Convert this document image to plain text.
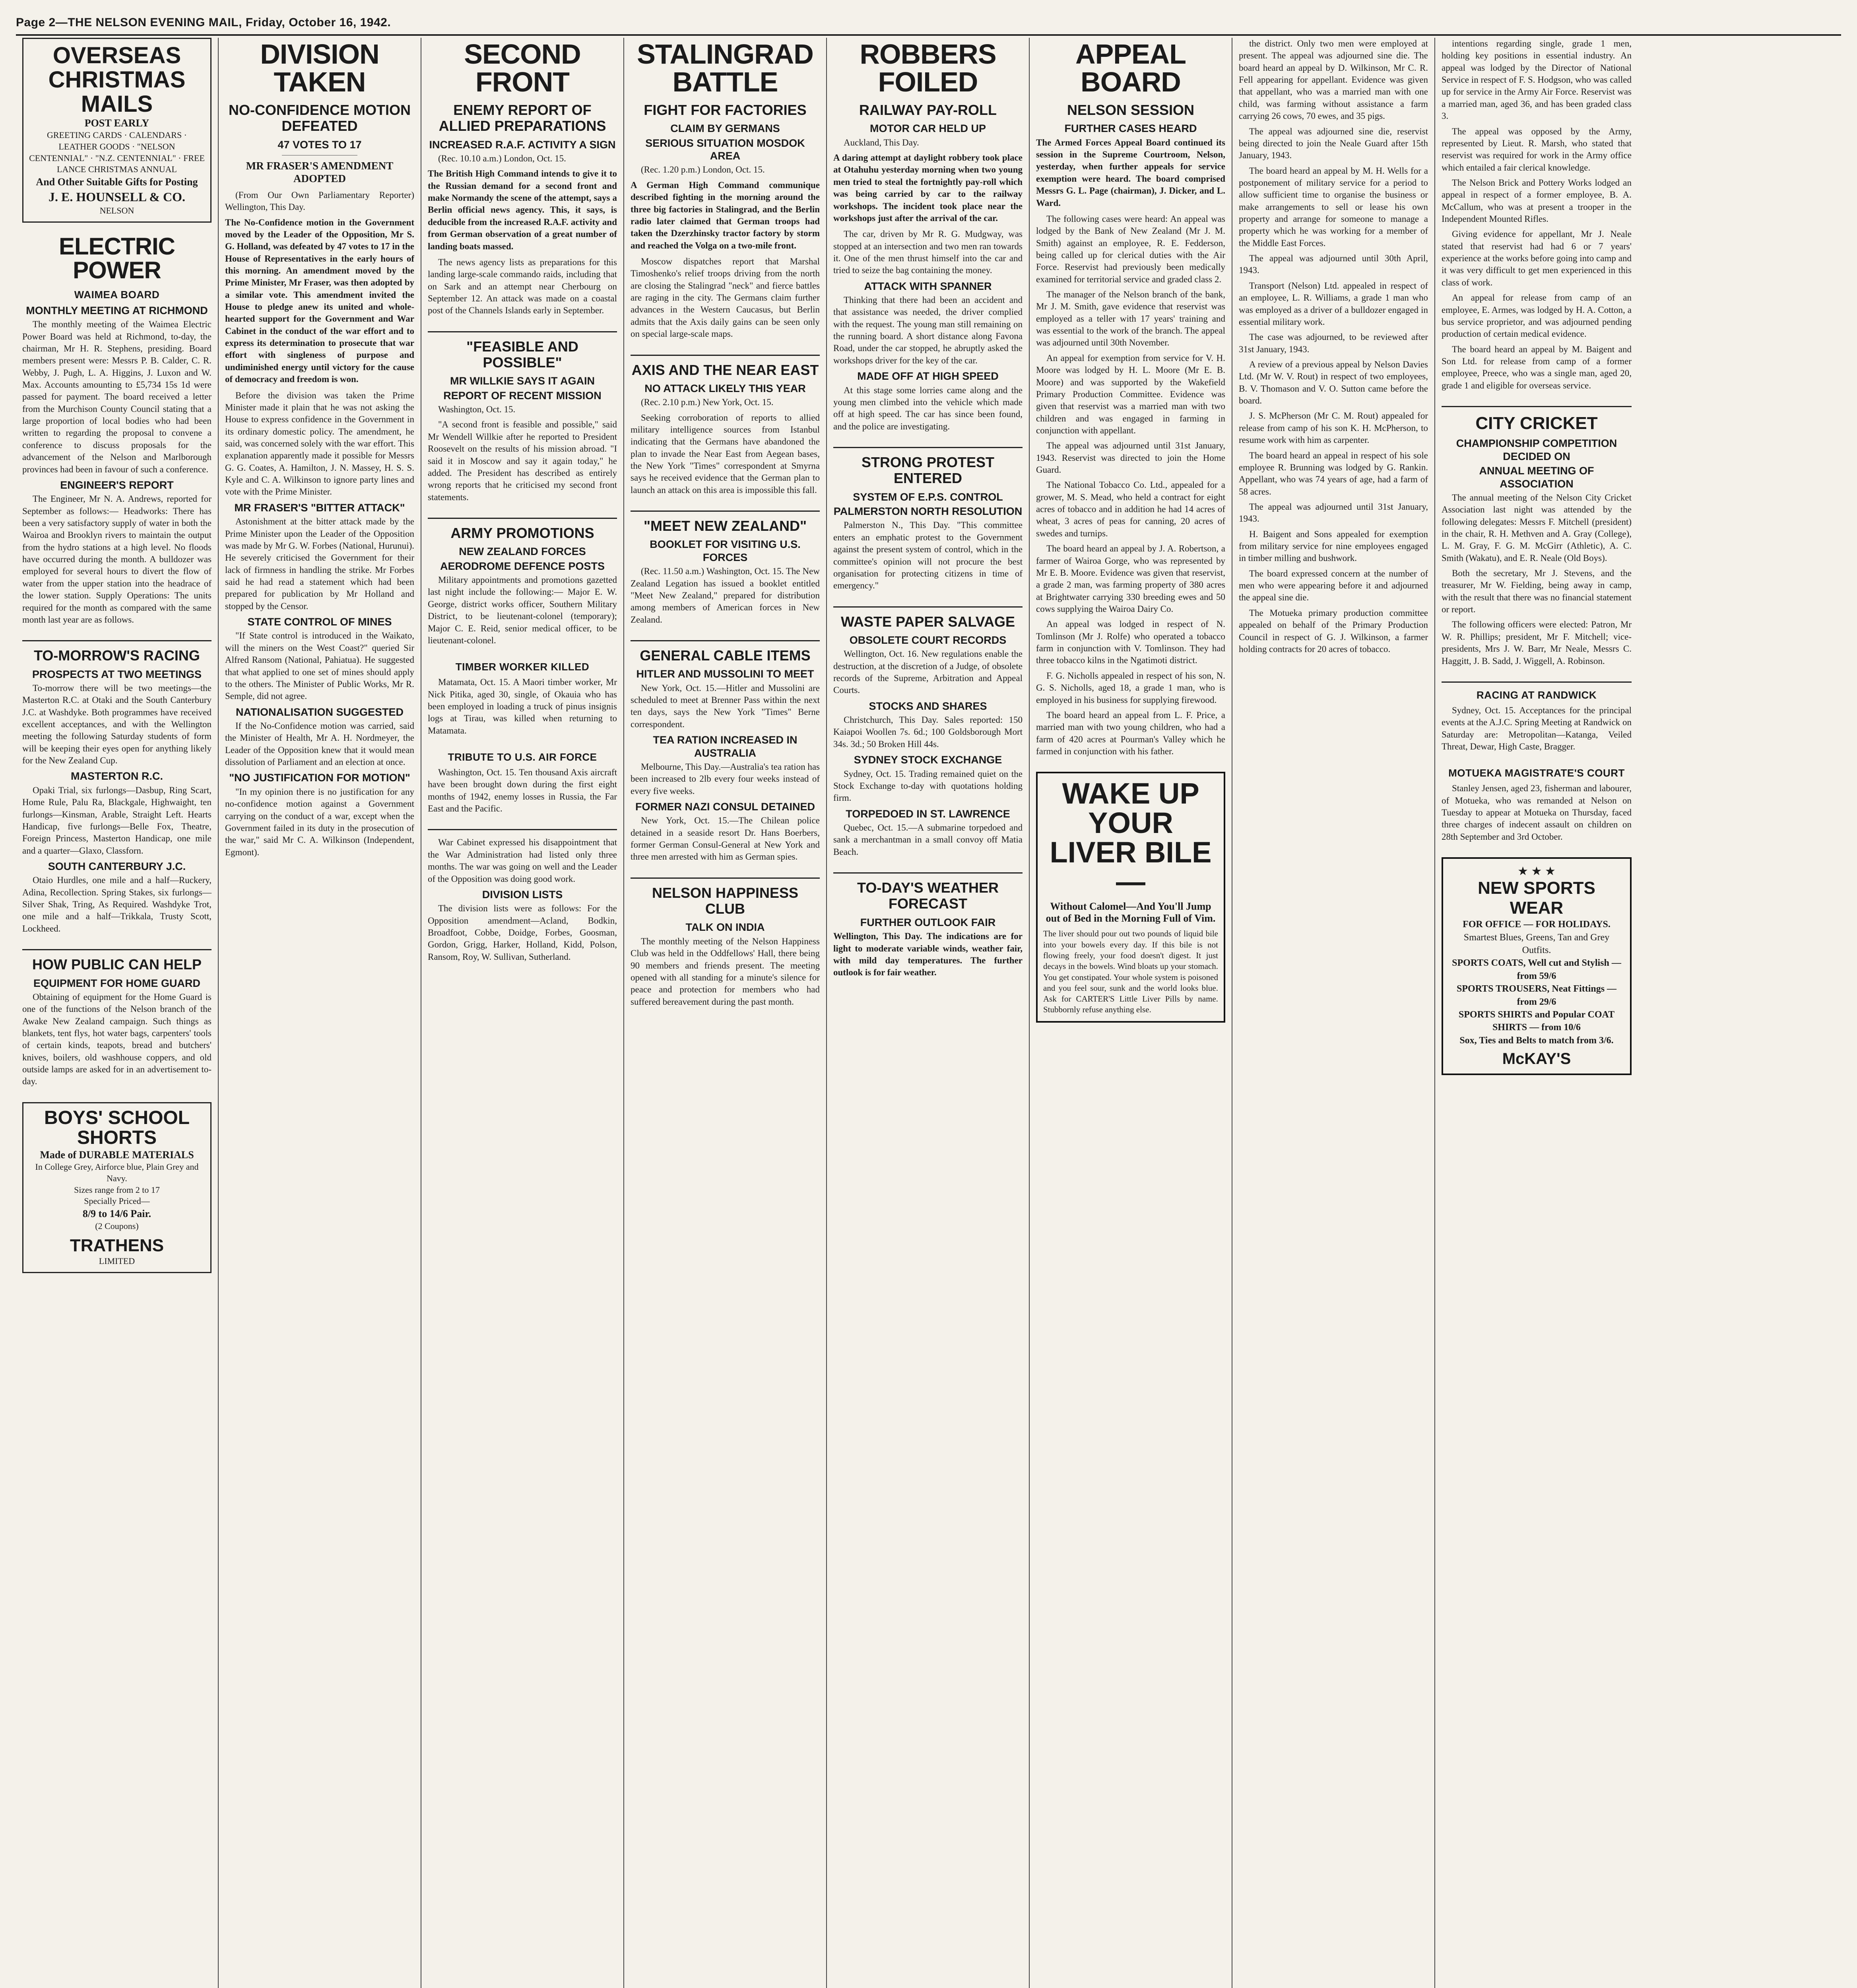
Page 2—THE NELSON EVENING MAIL, Friday, October 16, 1942.
OVERSEAS CHRISTMAS MAILS
POST EARLY
GREETING CARDS · CALENDARS · LEATHER GOODS · "NELSON CENTENNIAL" · "N.Z. CENTENNIAL" · FREE LANCE CHRISTMAS ANNUAL
And Other Suitable Gifts for Posting
J. E. HOUNSELL & CO.
NELSON
ELECTRIC POWER
WAIMEA BOARD
MONTHLY MEETING AT RICHMOND

The monthly meeting of the Waimea Electric Power Board was held at Richmond, to-day, the chairman, Mr H. R. Stephens, presiding. Board members present were: Messrs P. B. Calder, C. R. Webby, J. Pugh, L. A. Higgins, J. Luxon and W. Max. Accounts amounting to £5,734 15s 1d were passed for payment. The board received a letter from the Murchison County Council stating that a large proportion of local bodies who had been written to regarding the proposal to convene a conference to discuss proposals for the advancement of the Nelson and Marlborough provinces had been in favour of such a conference.

ENGINEER'S REPORT

The Engineer, Mr N. A. Andrews, reported for September as follows:— Headworks: There has been a very satisfactory supply of water in both the Wairoa and Brooklyn rivers to maintain the output from the hydro stations at a high level. No floods have occurred during the month. A bulldozer was employed for several hours to divert the flow of water from the upper station into the headrace of the lower station. Supply Operations: The units required for the month as compared with the same month last year are as follows.

TO-MORROW'S RACING
PROSPECTS AT TWO MEETINGS

To-morrow there will be two meetings—the Masterton R.C. at Otaki and the South Canterbury J.C. at Washdyke. Both programmes have received excellent acceptances, and with the Wellington meeting the following Saturday students of form will be keeping their eyes open for anything likely for the New Zealand Cup.

MASTERTON R.C.

Opaki Trial, six furlongs—Dasbup, Ring Scart, Home Rule, Palu Ra, Blackgale, Highwaight, ten furlongs—Kinsman, Arable, Straight Left. Hearts Handicap, five furlongs—Belle Fox, Theatre, Foreign Princess, Masterton Handicap, one mile and a quarter—Glaxo, Classforn.

SOUTH CANTERBURY J.C.

Otaio Hurdles, one mile and a half—Ruckery, Adina, Recollection. Spring Stakes, six furlongs—Silver Shak, Tring, As Required. Washdyke Trot, one mile and a half—Trikkala, Trusty Scott, Lockheed.

HOW PUBLIC CAN HELP
EQUIPMENT FOR HOME GUARD

Obtaining of equipment for the Home Guard is one of the functions of the Nelson branch of the Awake New Zealand campaign. Such things as blankets, tent flys, hot water bags, carpenters' tools of certain kinds, teapots, bread and butchers' knives, boilers, old washhouse coppers, and old outside lamps are asked for in an advertisement to-day.

BOYS' SCHOOL SHORTS
Made of DURABLE MATERIALS
In College Grey, Airforce blue, Plain Grey and Navy.
Sizes range from 2 to 17
Specially Priced—
8/9 to 14/6 Pair.
(2 Coupons)
TRATHENS
LIMITED
DIVISION TAKEN
NO-CONFIDENCE MOTION DEFEATED
47 VOTES TO 17
MR FRASER'S AMENDMENT ADOPTED

(From Our Own Parliamentary Reporter) Wellington, This Day.

The No-Confidence motion in the Government moved by the Leader of the Opposition, Mr S. G. Holland, was defeated by 47 votes to 17 in the House of Representatives in the early hours of this morning. An amendment moved by the Prime Minister, Mr Fraser, was then adopted by a similar vote. This amendment invited the House to pledge anew its united and whole-hearted support for the Government and War Cabinet in the conduct of the war effort and to express its determination to prosecute that war effort with singleness of purpose and undiminished energy until victory for the cause of democracy and freedom is won.

Before the division was taken the Prime Minister made it plain that he was not asking the House to express confidence in the Government in its ordinary domestic policy. The amendment, he said, was concerned solely with the war effort. This explanation apparently made it possible for Messrs G. G. Coates, A. Hamilton, J. N. Massey, H. S. S. Kyle and C. A. Wilkinson to ignore party lines and vote with the Prime Minister.

MR FRASER'S "BITTER ATTACK"

Astonishment at the bitter attack made by the Prime Minister upon the Leader of the Opposition was made by Mr G. W. Forbes (National, Hurunui). He severely criticised the Government for their lack of firmness in handling the strike. Mr Forbes said he had read a statement which had been prepared for publication by Mr Holland and stopped by the Censor.

STATE CONTROL OF MINES

"If State control is introduced in the Waikato, will the miners on the West Coast?" queried Sir Alfred Ransom (National, Pahiatua). He suggested that what applied to one set of mines should apply to the others. The Minister of Public Works, Mr R. Semple, did not agree.

NATIONALISATION SUGGESTED

If the No-Confidence motion was carried, said the Minister of Health, Mr A. H. Nordmeyer, the Leader of the Opposition knew that it would mean dissolution of Parliament and an election at once.

"NO JUSTIFICATION FOR MOTION"

"In my opinion there is no justification for any no-confidence motion against a Government carrying on the conduct of a war, except when the Government failed in its duty in the prosecution of the war," said Mr C. A. Wilkinson (Independent, Egmont).

SECOND FRONT
ENEMY REPORT OF ALLIED PREPARATIONS
INCREASED R.A.F. ACTIVITY A SIGN

(Rec. 10.10 a.m.) London, Oct. 15.

The British High Command intends to give it to the Russian demand for a second front and make Normandy the scene of the attempt, says a Berlin official news agency. This, it says, is deducible from the increased R.A.F. activity and from German observation of a great number of landing boats massed.

The news agency lists as preparations for this landing large-scale commando raids, including that on Sark and an attempt near Cherbourg on September 12. An attack was made on a coastal post of the Channels Islands early in September.

"FEASIBLE AND POSSIBLE"
MR WILLKIE SAYS IT AGAIN
REPORT OF RECENT MISSION

Washington, Oct. 15.

"A second front is feasible and possible," said Mr Wendell Willkie after he reported to President Roosevelt on the results of his mission abroad. "I said it in Moscow and say it again today," he added. The President has described as entirely wrong reports that he criticised my second front statements.

ARMY PROMOTIONS
NEW ZEALAND FORCES
AERODROME DEFENCE POSTS

Military appointments and promotions gazetted last night include the following:— Major E. W. George, district works officer, Southern Military District, to be lieutenant-colonel (temporary); Major C. E. Reid, senior medical officer, to be lieutenant-colonel.

TIMBER WORKER KILLED

Matamata, Oct. 15. A Maori timber worker, Mr Nick Pitika, aged 30, single, of Okauia who has been employed in loading a truck of pinus insignis logs at Tirau, was killed when returning to Matamata.

TRIBUTE TO U.S. AIR FORCE

Washington, Oct. 15. Ten thousand Axis aircraft have been brought down during the first eight months of 1942, enemy losses in Russia, the Far East and the Pacific.

War Cabinet expressed his disappointment that the War Administration had listed only three months. The war was going on well and the Leader of the Opposition was doing good work.

DIVISION LISTS

The division lists were as follows: For the Opposition amendment—Acland, Bodkin, Broadfoot, Cobbe, Doidge, Forbes, Goosman, Gordon, Grigg, Harker, Holland, Kidd, Polson, Ransom, Roy, W. Sullivan, Sutherland.

STALINGRAD BATTLE
FIGHT FOR FACTORIES
CLAIM BY GERMANS
SERIOUS SITUATION MOSDOK AREA

(Rec. 1.20 p.m.) London, Oct. 15.

A German High Command communique described fighting in the morning around the three big factories in Stalingrad, and the Berlin radio later claimed that German troops had taken the Dzerzhinsky tractor factory by storm and reached the Volga on a two-mile front.

Moscow dispatches report that Marshal Timoshenko's relief troops driving from the north are closing the Stalingrad "neck" and fierce battles are raging in the city. The Germans claim further advances in the Western Caucasus, but Berlin admits that the Axis daily gains can be seen only on special large-scale maps.

AXIS AND THE NEAR EAST
NO ATTACK LIKELY THIS YEAR

(Rec. 2.10 p.m.) New York, Oct. 15.

Seeking corroboration of reports to allied military intelligence sources from Istanbul indicating that the Germans have abandoned the plan to invade the Near East from Aegean bases, the New York "Times" correspondent at Smyrna says he received evidence that the German plan to launch an attack on this area is impossible this fall.

"MEET NEW ZEALAND"
BOOKLET FOR VISITING U.S. FORCES

(Rec. 11.50 a.m.) Washington, Oct. 15. The New Zealand Legation has issued a booklet entitled "Meet New Zealand," prepared for distribution among members of American forces in New Zealand.

GENERAL CABLE ITEMS
HITLER AND MUSSOLINI TO MEET

New York, Oct. 15.—Hitler and Mussolini are scheduled to meet at Brenner Pass within the next ten days, says the New York "Times" Berne correspondent.

TEA RATION INCREASED IN AUSTRALIA

Melbourne, This Day.—Australia's tea ration has been increased to 2lb every four weeks instead of every five weeks.

FORMER NAZI CONSUL DETAINED

New York, Oct. 15.—The Chilean police detained in a seaside resort Dr. Hans Boerbers, former German Consul-General at New York and three men arrested with him as German spies.

NELSON HAPPINESS CLUB
TALK ON INDIA

The monthly meeting of the Nelson Happiness Club was held in the Oddfellows' Hall, there being 90 members and friends present. The meeting opened with all standing for a minute's silence for peace and protection for members who had suffered bereavement during the past month.

ROBBERS FOILED
RAILWAY PAY-ROLL
MOTOR CAR HELD UP

Auckland, This Day.

A daring attempt at daylight robbery took place at Otahuhu yesterday morning when two young men tried to steal the fortnightly pay-roll which was being carried by car to the railway workshops. The incident took place near the workshops just after the arrival of the car.

The car, driven by Mr R. G. Mudgway, was stopped at an intersection and two men ran towards it. One of the men thrust himself into the car and tried to seize the bag containing the money.

ATTACK WITH SPANNER

Thinking that there had been an accident and that assistance was needed, the driver complied with the request. The young man still remaining on the running board. A short distance along Favona Road, under the car stopped, he abruptly asked the workshops driver for the key of the car.

MADE OFF AT HIGH SPEED

At this stage some lorries came along and the young men climbed into the vehicle which made off at high speed. The car has since been found, and the police are investigating.

STRONG PROTEST ENTERED
SYSTEM OF E.P.S. CONTROL
PALMERSTON NORTH RESOLUTION

Palmerston N., This Day. "This committee enters an emphatic protest to the Government against the present system of control, which in the committee's opinion will not procure the best organisation for protecting citizens in time of emergency."

WASTE PAPER SALVAGE
OBSOLETE COURT RECORDS

Wellington, Oct. 16. New regulations enable the destruction, at the discretion of a Judge, of obsolete records of the Supreme, Arbitration and Appeal Courts.

STOCKS AND SHARES

Christchurch, This Day. Sales reported: 150 Kaiapoi Woollen 7s. 6d.; 100 Goldsborough Mort 34s. 3d.; 50 Broken Hill 44s.

SYDNEY STOCK EXCHANGE

Sydney, Oct. 15. Trading remained quiet on the Stock Exchange to-day with quotations holding firm.

TORPEDOED IN ST. LAWRENCE

Quebec, Oct. 15.—A submarine torpedoed and sank a merchantman in a small convoy off Matia Beach.

TO-DAY'S WEATHER FORECAST
FURTHER OUTLOOK FAIR

Wellington, This Day. The indications are for light to moderate variable winds, weather fair, with mild day temperatures. The further outlook is for fair weather.

APPEAL BOARD
NELSON SESSION
FURTHER CASES HEARD

The Armed Forces Appeal Board continued its session in the Supreme Courtroom, Nelson, yesterday, when further appeals for service exemption were heard. The board comprised Messrs G. L. Page (chairman), J. Dicker, and L. Ward.

The following cases were heard: An appeal was lodged by the Bank of New Zealand (Mr J. M. Smith) against an employee, R. E. Fedderson, being called up for clerical duties with the Air Force. Reservist had previously been medically examined for territorial service and graded class 2.

The manager of the Nelson branch of the bank, Mr J. M. Smith, gave evidence that reservist was employed as a teller with 17 years' training and was essential to the work of the branch. The appeal was adjourned until 30th November.

An appeal for exemption from service for V. H. Moore was lodged by H. L. Moore (Mr E. B. Moore) and was supported by the Wakefield Primary Production Committee. Evidence was given that reservist was a married man with two children and was engaged in farming in conjunction with appellant.

The appeal was adjourned until 31st January, 1943. Reservist was directed to join the Home Guard.

The National Tobacco Co. Ltd., appealed for a grower, M. S. Mead, who held a contract for eight acres of tobacco and in addition he had 14 acres of wheat, 3 acres of peas for canning, 20 acres of swedes and turnips.

The board heard an appeal by J. A. Robertson, a farmer of Wairoa Gorge, who was represented by Mr E. B. Moore. Evidence was given that reservist, a grade 2 man, was farming property of 380 acres at Brightwater carrying 330 breeding ewes and 50 cows supplying the Wairoa Dairy Co.

An appeal was lodged in respect of N. Tomlinson (Mr J. Rolfe) who operated a tobacco farm in conjunction with V. Tomlinson. They had three tobacco kilns in the Ngatimoti district.

F. G. Nicholls appealed in respect of his son, N. G. S. Nicholls, aged 18, a grade 1 man, who is employed in his business for supplying firewood.

The board heard an appeal from L. F. Price, a married man with two young children, who had a farm of 420 acres at Pourman's Valley which he farmed in conjunction with his father.

WAKE UP YOUR LIVER BILE—
Without Calomel—And You'll Jump out of Bed in the Morning Full of Vim.
The liver should pour out two pounds of liquid bile into your bowels every day. If this bile is not flowing freely, your food doesn't digest. It just decays in the bowels. Wind bloats up your stomach. You get constipated. Your whole system is poisoned and you feel sour, sunk and the world looks blue. Ask for CARTER'S Little Liver Pills by name. Stubbornly refuse anything else.

the district. Only two men were employed at present. The appeal was adjourned sine die. The board heard an appeal by D. Wilkinson, Mr C. R. Fell appearing for appellant. Evidence was given that appellant, who was a married man with one child, was farming without assistance a farm carrying 26 cows, 70 ewes, and 35 pigs.

The appeal was adjourned sine die, reservist being directed to join the Neale Guard after 15th January, 1943.

The board heard an appeal by M. H. Wells for a postponement of military service for a period to allow sufficient time to organise the business or make arrangements to sell or lease his own property and arrange for someone to manage a property which he was working for a member of the Middle East Forces.

The appeal was adjourned until 30th April, 1943.

Transport (Nelson) Ltd. appealed in respect of an employee, L. R. Williams, a grade 1 man who was employed as a driver of a bulldozer engaged in essential military work.

The case was adjourned, to be reviewed after 31st January, 1943.

A review of a previous appeal by Nelson Davies Ltd. (Mr W. V. Rout) in respect of two employees, B. V. Thomason and V. O. Sutton came before the board.

J. S. McPherson (Mr C. M. Rout) appealed for release from camp of his son K. H. McPherson, to resume work with him as carpenter.

The board heard an appeal in respect of his sole employee R. Brunning was lodged by G. Rankin. Appellant, who was 74 years of age, had a farm of 58 acres.

The appeal was adjourned until 31st January, 1943.

H. Baigent and Sons appealed for exemption from military service for nine employees engaged in timber milling and bushwork.

The board expressed concern at the number of men who were appearing before it and adjourned the appeal sine die.

The Motueka primary production committee appealed on behalf of the Primary Production Council in respect of G. J. Wilkinson, a farmer holding contracts for 20 acres of tobacco.

intentions regarding single, grade 1 men, holding key positions in essential industry. An appeal was lodged by the Director of National Service in respect of F. S. Hodgson, who was called up for service in the Army Air Force. Reservist was a married man, aged 36, and has been graded class 3.

The appeal was opposed by the Army, represented by Lieut. R. Marsh, who stated that reservist was required for work in the Army office which entailed a fair clerical knowledge.

The Nelson Brick and Pottery Works lodged an appeal in respect of a former employee, B. A. McCallum, who was at present a trooper in the Independent Mounted Rifles.

Giving evidence for appellant, Mr J. Neale stated that reservist had had 6 or 7 years' experience at the works before going into camp and it was very difficult to get men experienced in this class of work.

An appeal for release from camp of an employee, E. Armes, was lodged by H. A. Cotton, a bus service proprietor, and was adjourned pending production of certain medical evidence.

The board heard an appeal by M. Baigent and Son Ltd. for release from camp of a former employee, Preece, who was a single man, aged 20, grade 1 and eligible for overseas service.

CITY CRICKET
CHAMPIONSHIP COMPETITION DECIDED ON
ANNUAL MEETING OF ASSOCIATION

The annual meeting of the Nelson City Cricket Association last night was attended by the following delegates: Messrs F. Mitchell (president) in the chair, R. H. Methven and A. Gray (College), L. M. Gray, F. G. M. McGirr (Athletic), A. C. Smith (Wakatu), and E. R. Neale (Old Boys).

Both the secretary, Mr J. Stevens, and the treasurer, Mr W. Fielding, being away in camp, with the result that there was no financial statement or report.

The following officers were elected: Patron, Mr W. R. Phillips; president, Mr F. Mitchell; vice-presidents, Mrs J. W. Barr, Mr Neale, Messrs C. Haggitt, J. B. Sadd, J. Wiggell, A. Robinson.

RACING AT RANDWICK

Sydney, Oct. 15. Acceptances for the principal events at the A.J.C. Spring Meeting at Randwick on Saturday are: Metropolitan—Katanga, Veiled Threat, Dewar, High Caste, Bragger.

MOTUEKA MAGISTRATE'S COURT

Stanley Jensen, aged 23, fisherman and labourer, of Motueka, who was remanded at Nelson on Tuesday to appear at Motueka on Thursday, faced three charges of indecent assault on children on 28th September and 3rd October.

★ ★ ★
NEW SPORTS WEAR
FOR OFFICE — FOR HOLIDAYS.
Smartest Blues, Greens, Tan and Grey Outfits.
SPORTS COATS, Well cut and Stylish — from 59/6
SPORTS TROUSERS, Neat Fittings — from 29/6
SPORTS SHIRTS and Popular COAT SHIRTS — from 10/6
Sox, Ties and Belts to match from 3/6.
McKAY'S
